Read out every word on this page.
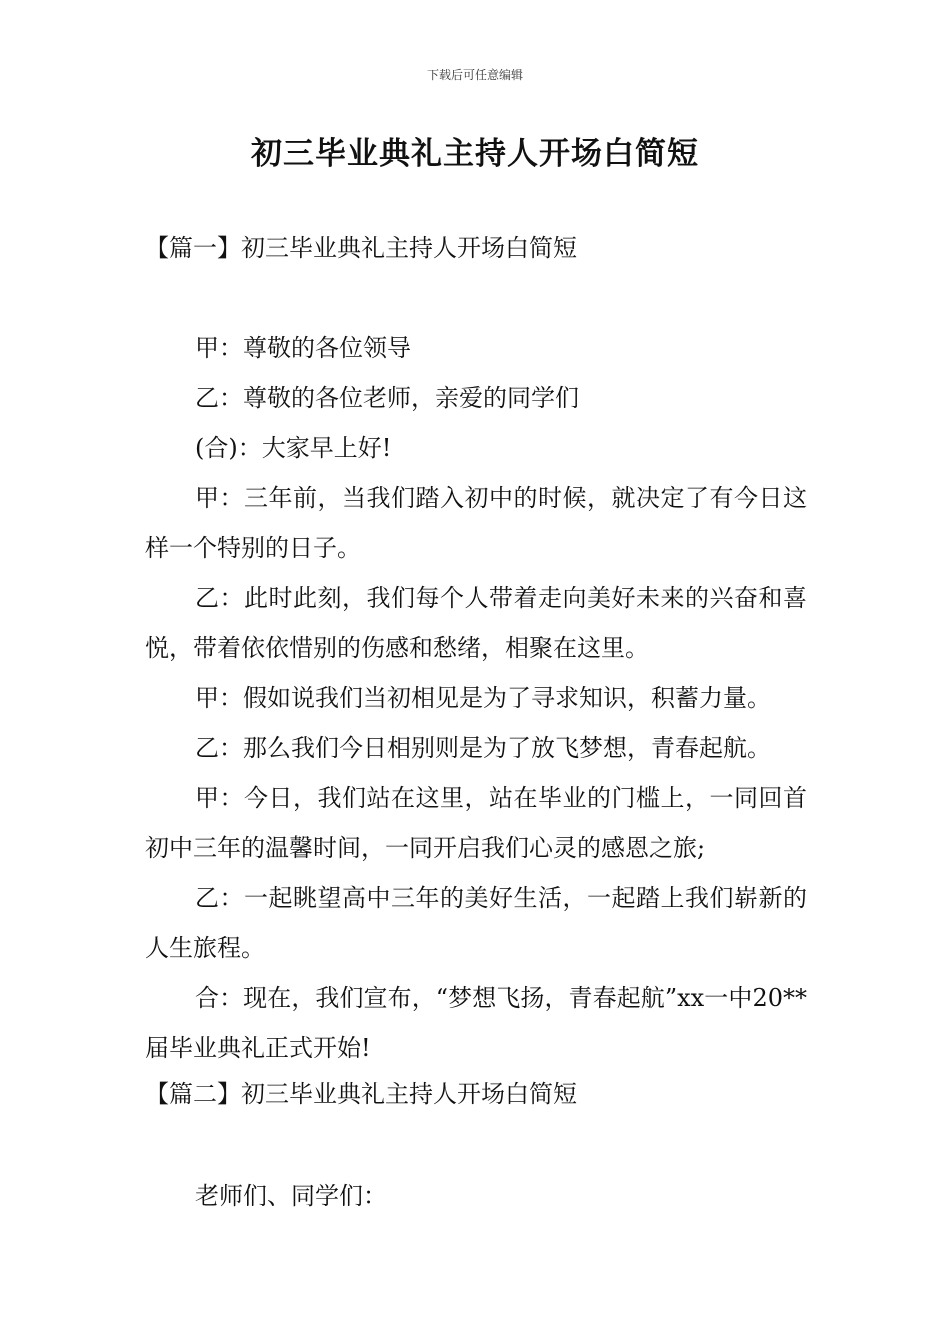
下载后可任意编辑
初三毕业典礼主持人开场白简短
【篇一】初三毕业典礼主持人开场白简短

甲：尊敬的各位领导

乙：尊敬的各位老师，亲爱的同学们

(合)：大家早上好!

甲：三年前，当我们踏入初中的时候，就决定了有今日这样一个特别的日子。

乙：此时此刻，我们每个人带着走向美好未来的兴奋和喜悦，带着依依惜别的伤感和愁绪，相聚在这里。

甲：假如说我们当初相见是为了寻求知识，积蓄力量。

乙：那么我们今日相别则是为了放飞梦想，青春起航。

甲：今日，我们站在这里，站在毕业的门槛上，一同回首初中三年的温馨时间，一同开启我们心灵的感恩之旅;

乙：一起眺望高中三年的美好生活，一起踏上我们崭新的人生旅程。

合：现在，我们宣布，“梦想飞扬，青春起航”xx一中20**届毕业典礼正式开始!

【篇二】初三毕业典礼主持人开场白简短

老师们、同学们：
